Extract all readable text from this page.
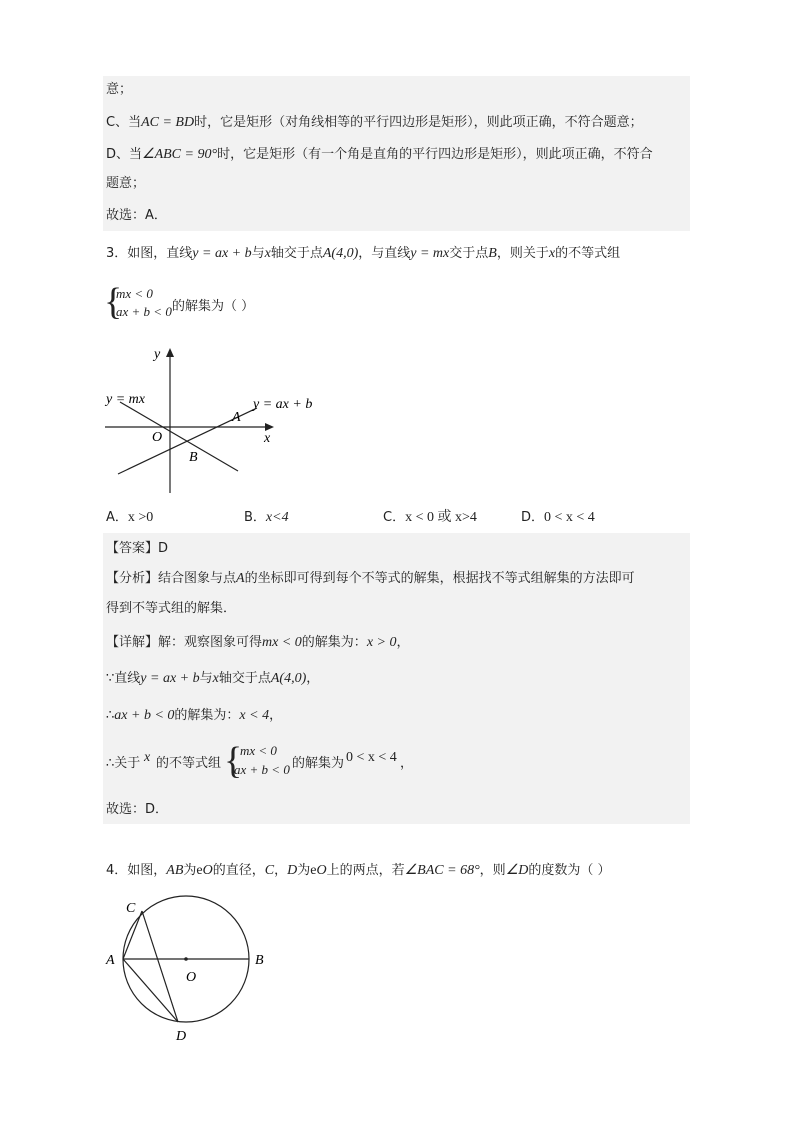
意；
C、当AC = BD时，它是矩形（对角线相等的平行四边形是矩形），则此项正确，不符合题意；
D、当∠ABC = 90°时，它是矩形（有一个角是直角的平行四边形是矩形），则此项正确，不符合
题意；
故选：A．
3．如图，直线y = ax + b与x轴交于点A(4,0)，与直线y = mx交于点B，则关于x的不等式组
{
mx < 0
ax + b < 0 的解集为（ ）
y
x
O
A
B
y = mx	y = ax + b
A．x >0	B．x<4	C．x < 0 或 x>4	D．0 < x < 4
【答案】D
【分析】结合图象与点A的坐标即可得到每个不等式的解集，根据找不等式组解集的方法即可
得到不等式组的解集．
【详解】解：观察图象可得mx < 0的解集为：x > 0，
∵直线y = ax + b与x轴交于点A(4,0)，
∴ax + b < 0的解集为：x < 4，
∴关于 x 的不等式组 {
mx < 0
ax + b < 0 的解集为 0 < x < 4 ，
故选：D．
4．如图，AB为eO的直径，C，D为eO上的两点，若∠BAC = 68°，则∠D的度数为（ ）
C
A	B
O
D
